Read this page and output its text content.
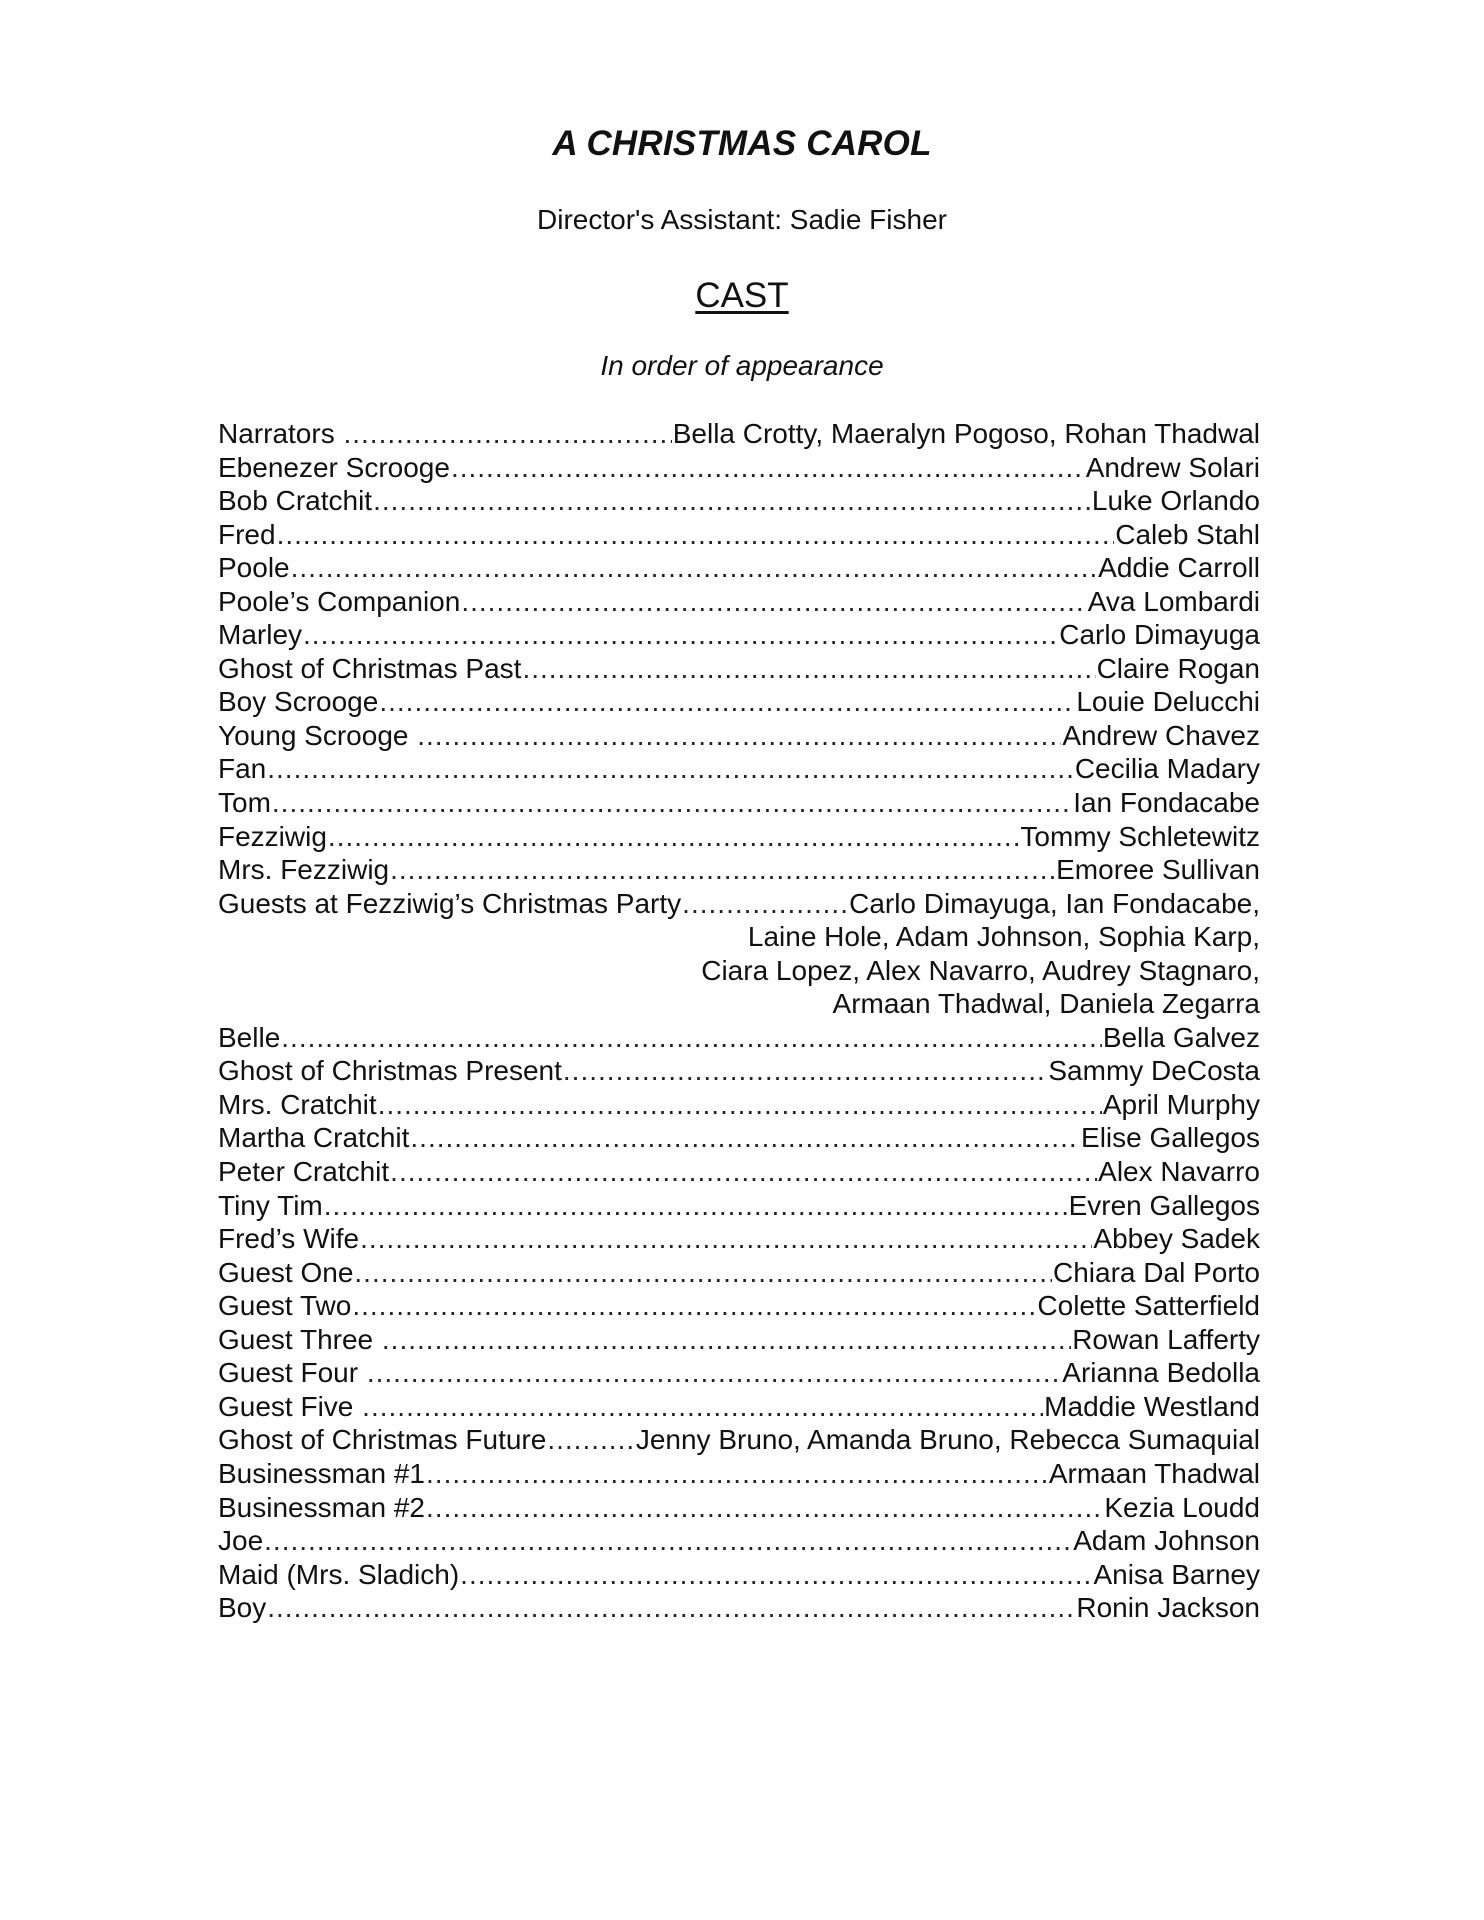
A CHRISTMAS CAROL
Director's Assistant: Sadie Fisher
CAST
In order of appearance
Narrators .....	Bella Crotty, Maeralyn Pogoso, Rohan Thadwal
Ebenezer Scrooge .....	Andrew Solari
Bob Cratchit .....	Luke Orlando
Fred .....	Caleb Stahl
Poole .....	Addie Carroll
Poole’s Companion .....	Ava Lombardi
Marley .....	Carlo Dimayuga
Ghost of Christmas Past .....	Claire Rogan
Boy Scrooge .....	Louie Delucchi
Young Scrooge .....	Andrew Chavez
Fan .....	Cecilia Madary
Tom .....	Ian Fondacabe
Fezziwig .....	Tommy Schletewitz
Mrs. Fezziwig .....	Emoree Sullivan
Guests at Fezziwig’s Christmas Party .....	Carlo Dimayuga, Ian Fondacabe,
Laine Hole, Adam Johnson, Sophia Karp,
Ciara Lopez, Alex Navarro, Audrey Stagnaro,
Armaan Thadwal, Daniela Zegarra
Belle .....	Bella Galvez
Ghost of Christmas Present .....	Sammy DeCosta
Mrs. Cratchit .....	April Murphy
Martha Cratchit .....	Elise Gallegos
Peter Cratchit .....	Alex Navarro
Tiny Tim .....	Evren Gallegos
Fred’s Wife .....	Abbey Sadek
Guest One .....	Chiara Dal Porto
Guest Two .....	Colette Satterfield
Guest Three .....	Rowan Lafferty
Guest Four .....	Arianna Bedolla
Guest Five .....	Maddie Westland
Ghost of Christmas Future .....	Jenny Bruno, Amanda Bruno, Rebecca Sumaquial
Businessman #1 .....	Armaan Thadwal
Businessman #2 .....	Kezia Loudd
Joe .....	Adam Johnson
Maid (Mrs. Sladich) .....	Anisa Barney
Boy .....	Ronin Jackson
